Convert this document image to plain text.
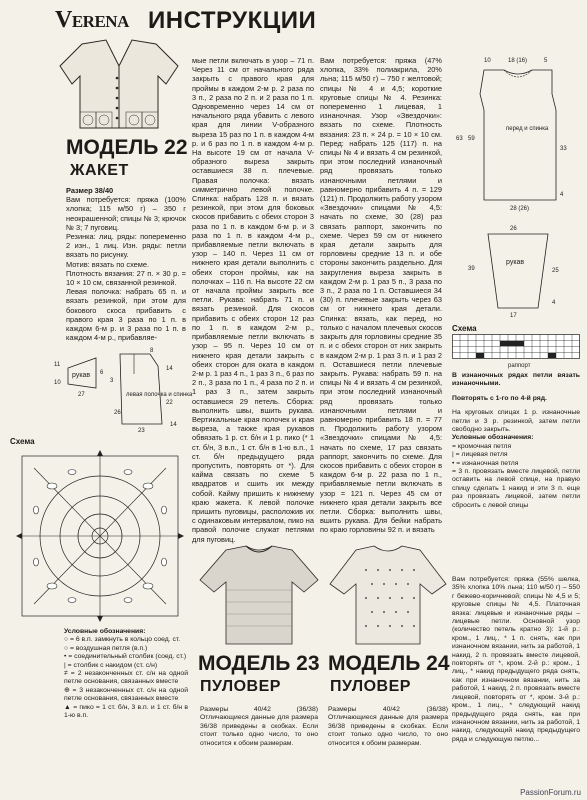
Verena ИНСТРУКЦИИ
МОДЕЛЬ 22
ЖАКЕТ
Размер 38/40
Вам потребуется: пряжа (100% хлопка; 115 м/50 г) – 350 г неокрашенной; спицы № 3; крючок № 3; 7 пуговиц.
Резинка: лиц. ряды: попеременно 2 изн., 1 лиц. Изн. ряды: петли вязать по рисунку.
Мотив: вязать по схеме.
Плотность вязания: 27 п. × 30 р. = 10 × 10 см, связанной резинкой.
Левая полочка: набрать 65 п. и вязать резинкой, при этом для бокового скоса прибавить с правого края 3 раза по 1 п. в каждом 6-м р. и 3 раза по 1 п. в каждом 4-м р., прибавляе-
рукав
левая полочка и спинка
11
10
6
27
3
14
22
23
26
8
14
Схема
Условные обозначения:
○ = 6 в.п. замкнуть в кольцо соед. ст.
○ = воздушная петля (в.п.)
• = соединительный столбик (соед. ст.)
| = столбик с накидом (ст. с/н)
≠ = 2 незаконченных ст. с/н на одной петле основания, связанных вместе
⊕ = 3 незаконченных ст. с/н на одной петле основания, связанных вместе
▲ = пико = 1 ст. б/н, 3 в.п. и 1 ст. б/н в 1-ю в.п.
мые петли включать в узор – 71 п. Через 11 см от начального ряда закрыть с правого края для проймы в каждом 2-м р. 2 раза по 3 п., 2 раза по 2 п. и 2 раза по 1 п. Одновременно через 14 см от начального ряда убавить с левого края для линии V-образного выреза 15 раз по 1 п. в каждом 4-м р. и 6 раз по 1 п. в каждом 4-м р. На высоте 19 см от начала V-образного выреза закрыть оставшиеся 38 п. плечевые. Правая полочка: вязать симметрично левой полочке. Спинка: набрать 128 п. и вязать резинкой, при этом для боковых скосов прибавить с обеих сторон 3 раза по 1 п. в каждом 6-м р. и 3 раза по 1 п. в каждом 4-м р., прибавляемые петли включать в узор – 140 п. Через 11 см от нижнего края детали выполнить с обеих сторон проймы, как на полочках – 116 п. На высоте 22 см от начала проймы закрыть все петли. Рукава: набрать 71 п. и вязать резинкой. Для скосов прибавить с обеих сторон 12 раз по 1 п. в каждом 2-м р., прибавляемые петли включать в узор – 95 п. Через 10 см от нижнего края детали закрыть с обеих сторон для оката в каждом 2-м р. 1 раз 4 п., 1 раз 3 п., 6 раз по 2 п., 3 раза по 1 п., 4 раза по 2 п. и 1 раз 3 п., затем закрыть оставшиеся 29 петель. Сборка: выполнить швы, вшить рукава. Вертикальные края полочек и края выреза, а также края рукавов обвязать 1 р. ст. б/н и 1 р. пико (* 1 ст. б/н, 3 в.п., 1 ст. б/н в 1-ю в.п., 1 ст. б/н предыдущего ряда пропустить, повторять от *). Для кайма связать по схеме 5 квадратов и сшить их между собой. Кайму пришить к нижнему краю жакета. К левой полочке пришить пуговицы, расположив их с одинаковым интервалом, пико на правой полочке служат петлями для пуговиц.
МОДЕЛЬ 23
ПУЛОВЕР
Размеры 40/42 (36/38) Отличающиеся данные для размера 36/38 приведены в скобках. Если стоит только одно число, то оно относится к обоим размерам.
МОДЕЛЬ 24
ПУЛОВЕР
Размеры 40/42 (36/38) Отличающиеся данные для размера 36/38 приведены в скобках. Если стоит только одно число, то оно относится к обоим размерам.
Вам потребуется: пряжа (47% хлопка, 33% полиакрила, 20% льна; 115 м/50 г) – 750 г желтовой; спицы № 4 и 4,5; короткие круговые спицы № 4. Резинка: попеременно 1 лицевая, 1 изнаночная. Узор «Звездочки»: вязать по схеме. Плотность вязания: 23 п. × 24 р. = 10 × 10 см. Перед: набрать 125 (117) п. на спицы № 4 и вязать 4 см резинкой, при этом последний изнаночный ряд провязать только изнаночными петлями и равномерно прибавить 4 п. = 129 (121) п. Продолжить работу узором «Звездочки» спицами № 4,5: начать по схеме, 30 (28) раз связать раппорт, закончить по схеме. Через 59 см от нижнего края детали закрыть для горловины средние 13 п. и обе стороны закончить раздельно. Для закругления выреза закрыть в каждом 2-м р. 1 раз 5 п., 3 раза по 3 п., 2 раза по 1 п. Оставшиеся 34 (30) п. плечевые закрыть через 63 см от нижнего края детали. Спинка: вязать, как перед, но только с началом плечевых скосов закрыть для горловины средние 35 п. и с обеих сторон от них закрыть в каждом 2-м р. 1 раз 3 п. и 1 раз 2 п. Оставшиеся петли плечевые закрыть. Рукава: набрать 59 п. на спицы № 4 и вязать 4 см резинкой, при этом последний изнаночный ряд провязать только изнаночными петлями и равномерно прибавить 18 п. = 77 п. Продолжить работу узором «Звездочки» спицами № 4,5: начать по схеме, 17 раз связать раппорт, закончить по схеме. Для скосов прибавить с обеих сторон в каждом 6-м р. 22 раза по 1 п., прибавляемые петли включать в узор = 121 п. Через 45 см от нижнего края детали закрыть все петли. Сборка: выполнить швы, вшить рукава. Для бейки набрать по краю горловины 92 п. и вязать
перед и спинка
10	18 (16)	5
63 59
33
4
28 (26)
рукав
26
39
4
25
17
Схема
раппорт
В изнаночных рядах петли вязать изнаночными.
Повторять с 1-го по 4-й ряд.
На круговых спицах 1 р. изнаночные петли и 3 р. резинкой, затем петли свободно закрыть.
Условные обозначения:
= кромочная петля
| = лицевая петля
• = изнаночная петля
= 3 п. провязать вместе лицевой, петли оставить на левой спице, на правую спицу сделать 1 накид и эти 3 п. еще раз провязать лицевой, затем петли сбросить с левой спицы
Вам потребуется: пряжа (55% шелка, 35% хлопка 10% льна; 110 м/50 г) – 550 г бежево-коричневой; спицы № 4,5 и 5; круговые спицы № 4,5. Платочная вязка: лицевые и изнаночные ряды – лицевые петли. Основной узор (количество петель кратно 3): 1-й р.: кром., 1 лиц., * 1 п. снять, как при изнаночном вязании, нить за работой, 1 накид, 2 п. провязать вместе лицевой, повторять от *, кром. 2-й р.: кром., 1 лиц., * накид предыдущего ряда снять, как при изнаночном вязании, нить за работой, 1 накид, 2 п. провязать вместе лицевой, повторять от *, кром. 3-й р.: кром., 1 лиц., * следующий накид предыдущего ряда снять, как при изнаночном вязании, нить за работой, 1 накид, следующий накид предыдущего ряда и следующую петлю...
PassionForum.ru
